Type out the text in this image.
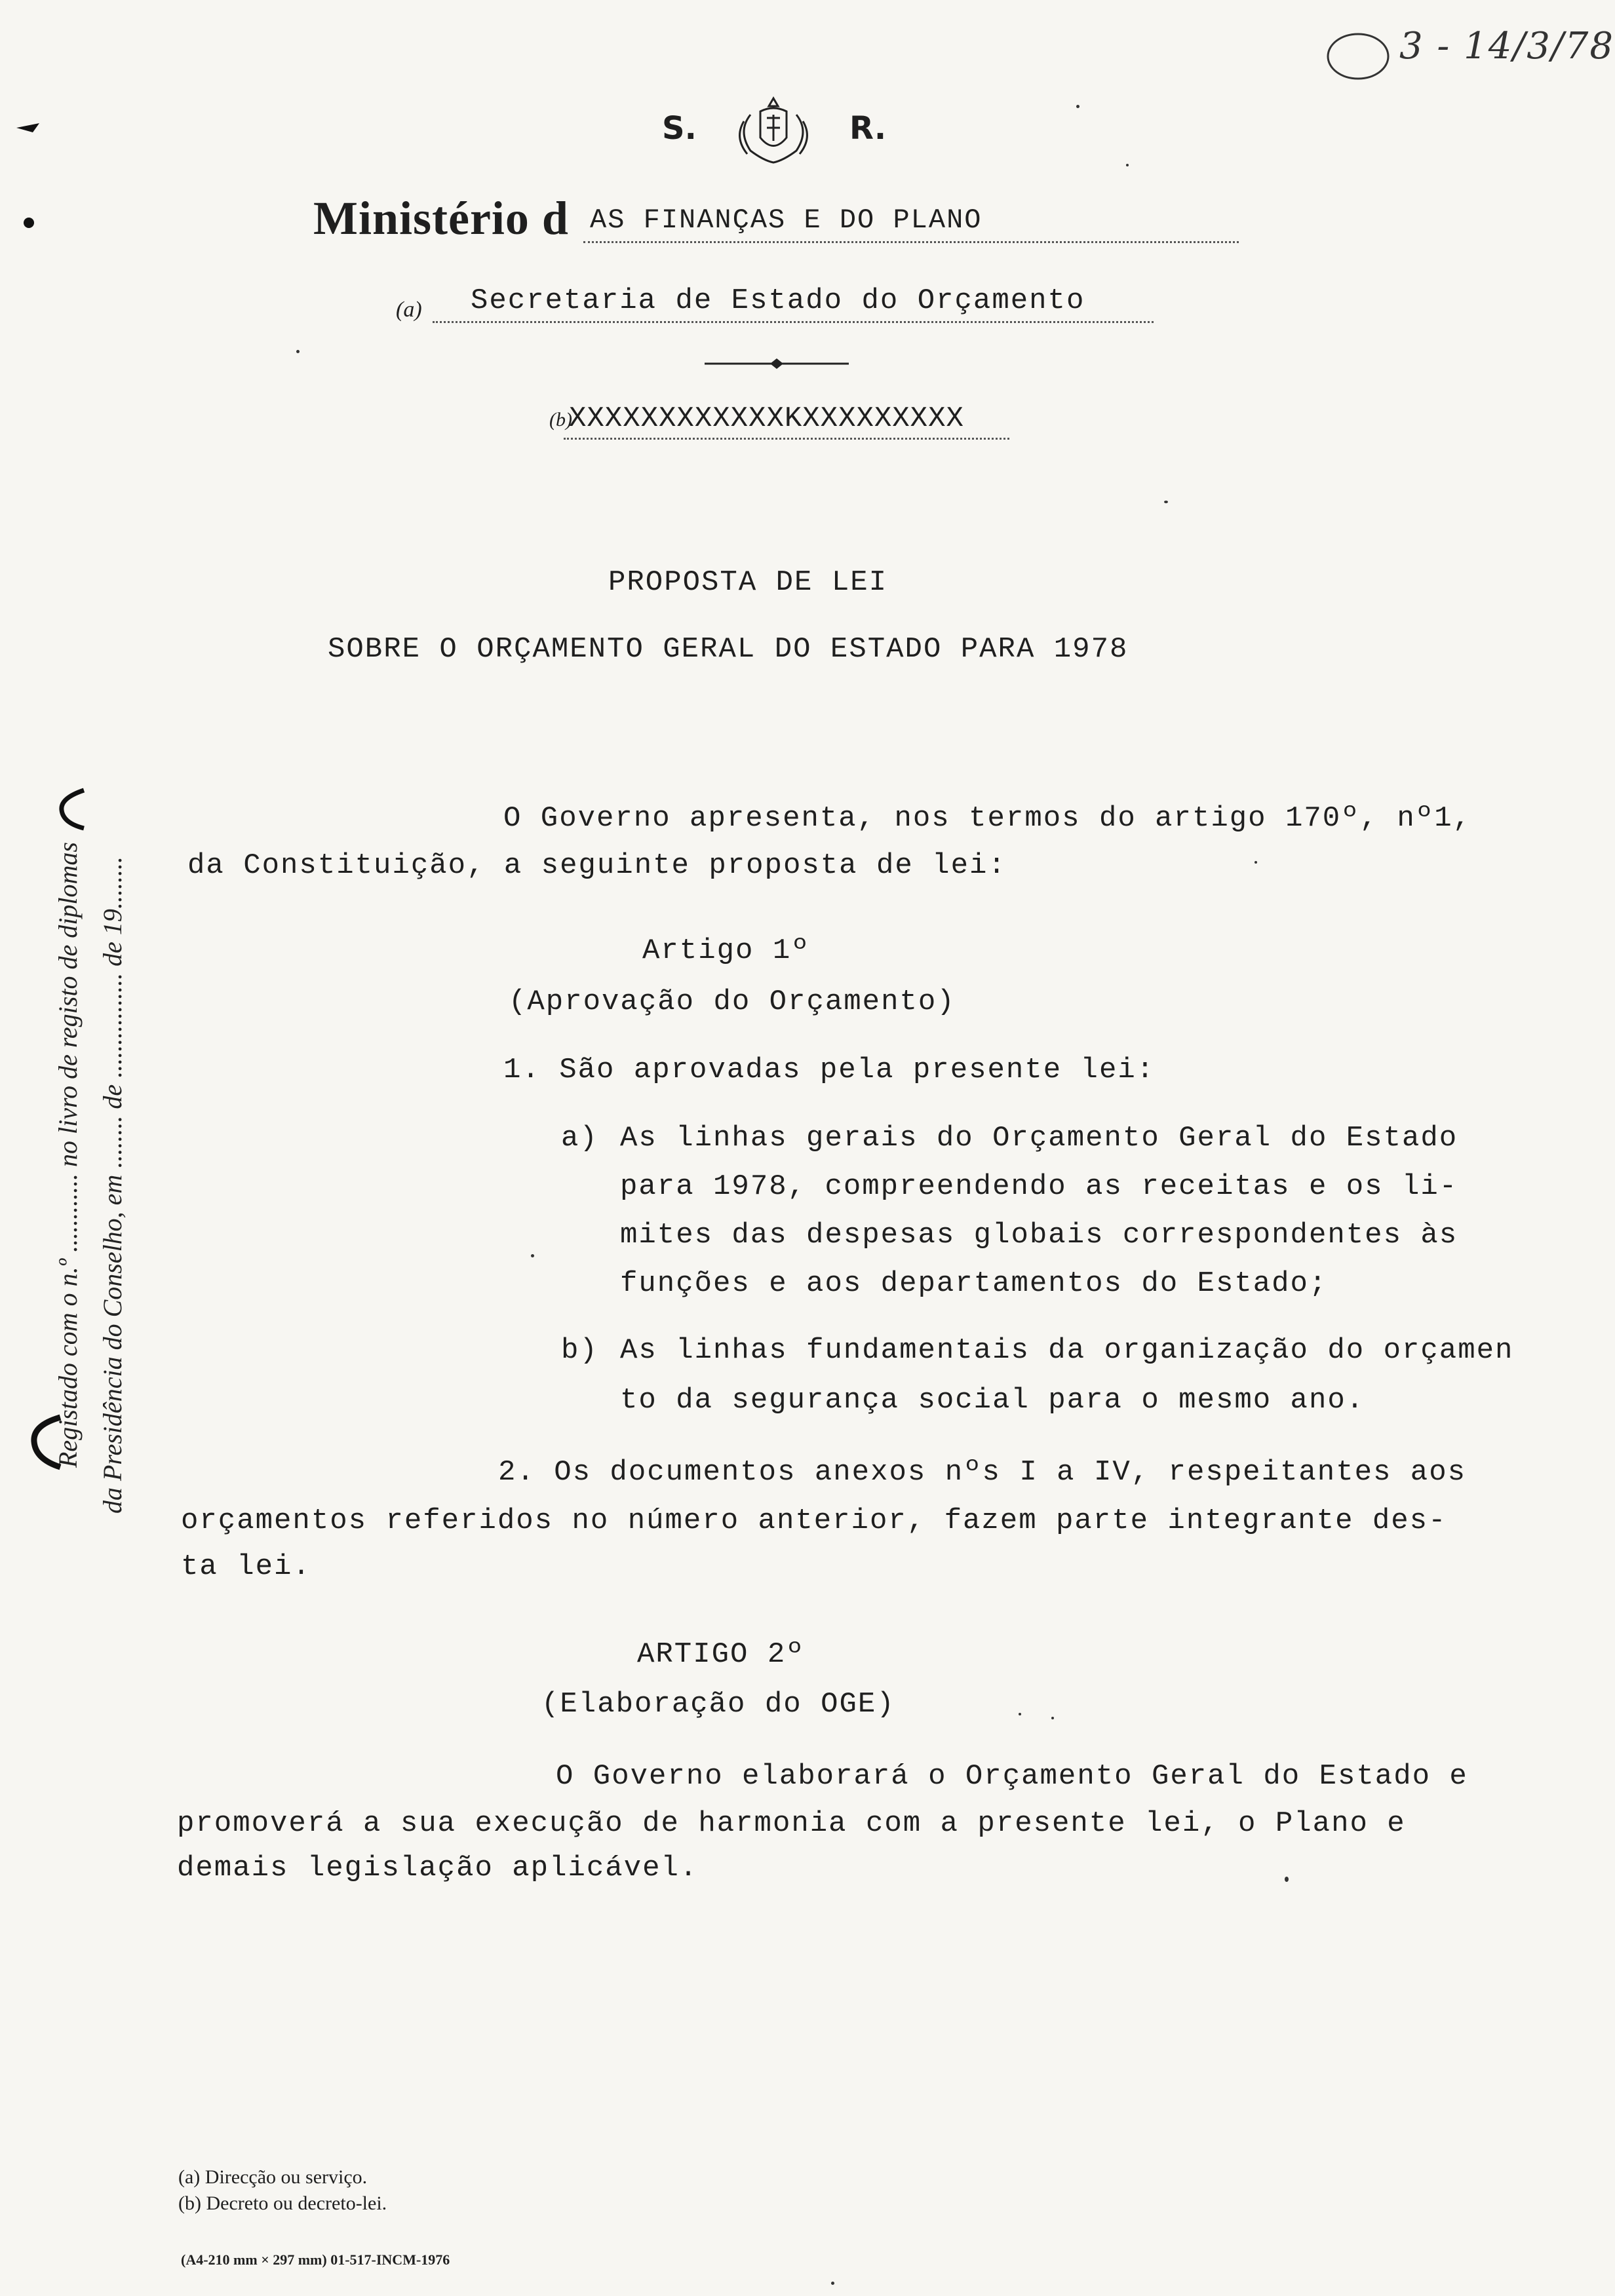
3 - 14/3/78
S.	R.
Ministério d AS FINANÇAS E DO PLANO
(a) Secretaria de Estado do Orçamento
(b)
XXXXXXXXXXXXKXXXXXXXXX
PROPOSTA DE LEI
SOBRE O ORÇAMENTO GERAL DO ESTADO PARA 1978
O Governo apresenta, nos termos do artigo 170º, nº1,
da Constituição, a seguinte proposta de lei:
Artigo 1º
(Aprovação do Orçamento)
1. São aprovadas pela presente lei:
a) As linhas gerais do Orçamento Geral do Estado
para 1978, compreendendo as receitas e os li-
mites das despesas globais correspondentes às
funções e aos departamentos do Estado;
b) As linhas fundamentais da organização do orçamen
to da segurança social para o mesmo ano.
2. Os documentos anexos nºs I a IV, respeitantes aos
orçamentos referidos no número anterior, fazem parte integrante des-
ta lei.
ARTIGO 2º
(Elaboração do OGE)
O Governo elaborará o Orçamento Geral do Estado e
promoverá a sua execução de harmonia com a presente lei, o Plano e
demais legislação aplicável.
Registado com o n.º ............ no livro de registo de diplomas da Presidência do Conselho, em ........ de ................ de 19........
(a) Direcção ou serviço.
(b) Decreto ou decreto-lei.
(A4-210 mm × 297 mm) 01-517-INCM-1976
